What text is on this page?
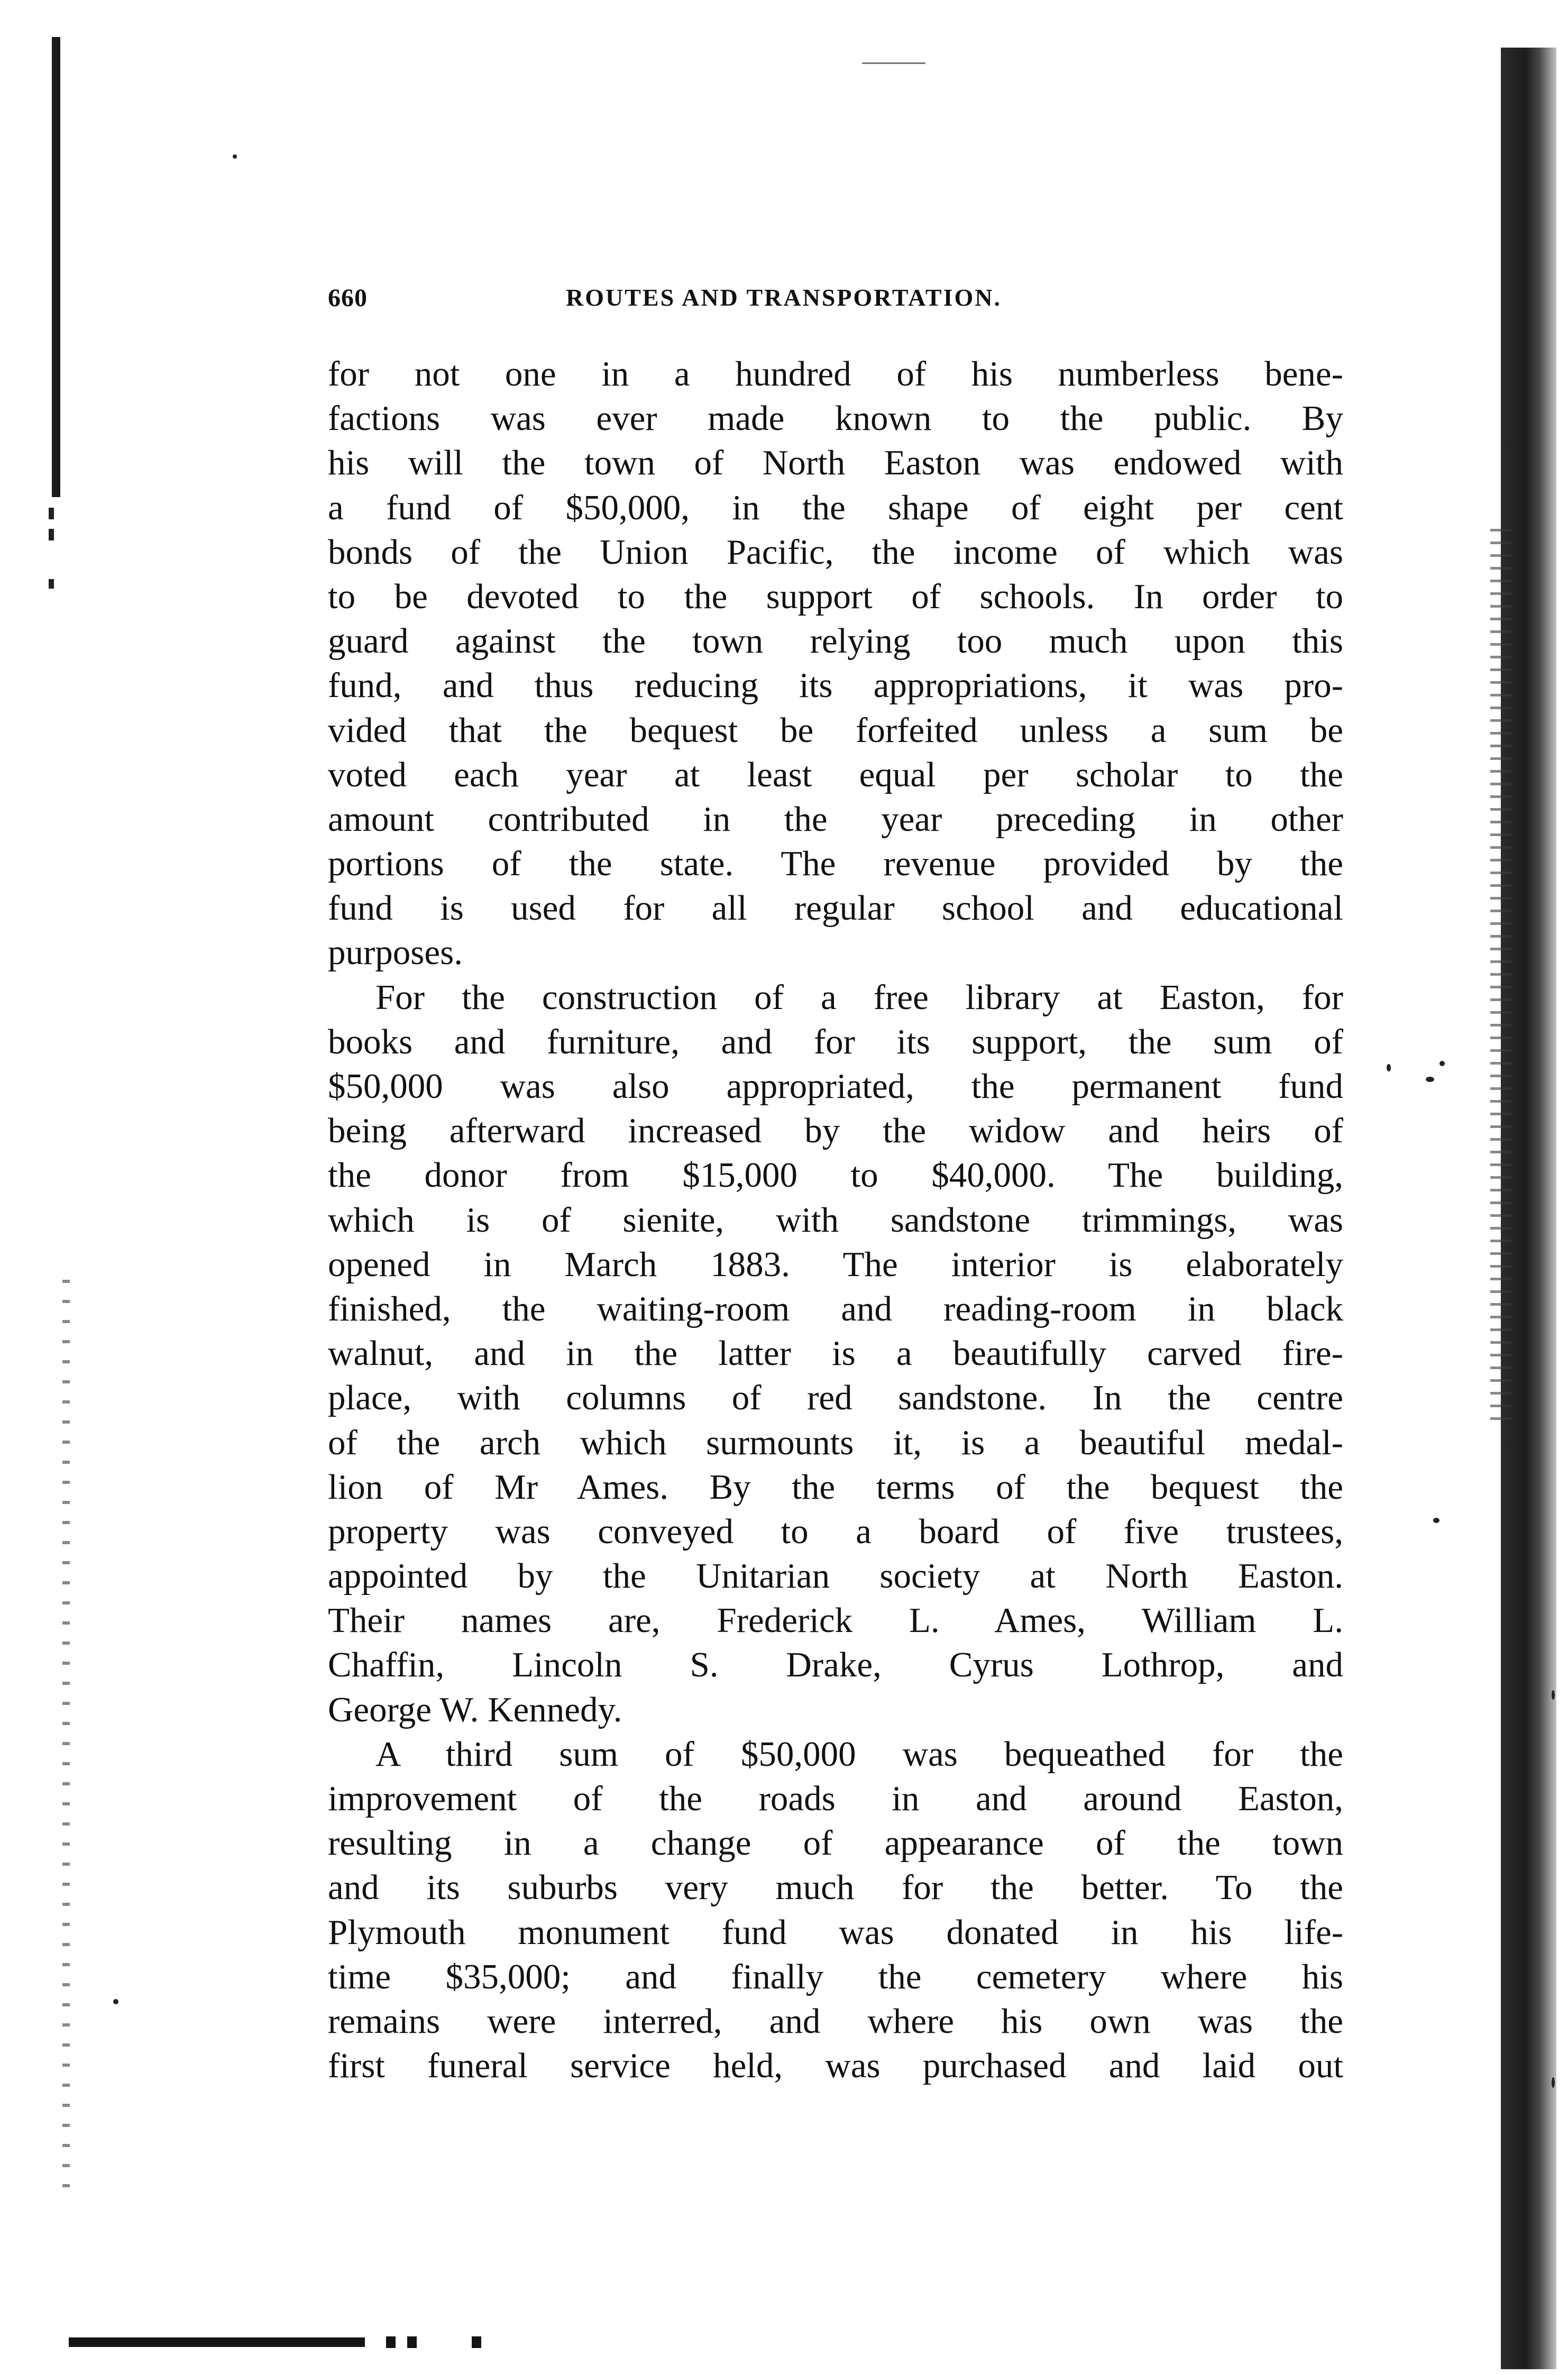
660	ROUTES AND TRANSPORTATION.
for not one in a hundred of his numberless bene-
factions was ever made known to the public. By
his will the town of North Easton was endowed with
a fund of $50,000, in the shape of eight per cent
bonds of the Union Pacific, the income of which was
to be devoted to the support of schools. In order to
guard against the town relying too much upon this
fund, and thus reducing its appropriations, it was pro-
vided that the bequest be forfeited unless a sum be
voted each year at least equal per scholar to the
amount contributed in the year preceding in other
portions of the state. The revenue provided by the
fund is used for all regular school and educational
purposes.
For the construction of a free library at Easton, for
books and furniture, and for its support, the sum of
$50,000 was also appropriated, the permanent fund
being afterward increased by the widow and heirs of
the donor from $15,000 to $40,000. The building,
which is of sienite, with sandstone trimmings, was
opened in March 1883. The interior is elaborately
finished, the waiting-room and reading-room in black
walnut, and in the latter is a beautifully carved fire-
place, with columns of red sandstone. In the centre
of the arch which surmounts it, is a beautiful medal-
lion of Mr Ames. By the terms of the bequest the
property was conveyed to a board of five trustees,
appointed by the Unitarian society at North Easton.
Their names are, Frederick L. Ames, William L.
Chaffin, Lincoln S. Drake, Cyrus Lothrop, and
George W. Kennedy.
A third sum of $50,000 was bequeathed for the
improvement of the roads in and around Easton,
resulting in a change of appearance of the town
and its suburbs very much for the better. To the
Plymouth monument fund was donated in his life-
time $35,000; and finally the cemetery where his
remains were interred, and where his own was the
first funeral service held, was purchased and laid out
